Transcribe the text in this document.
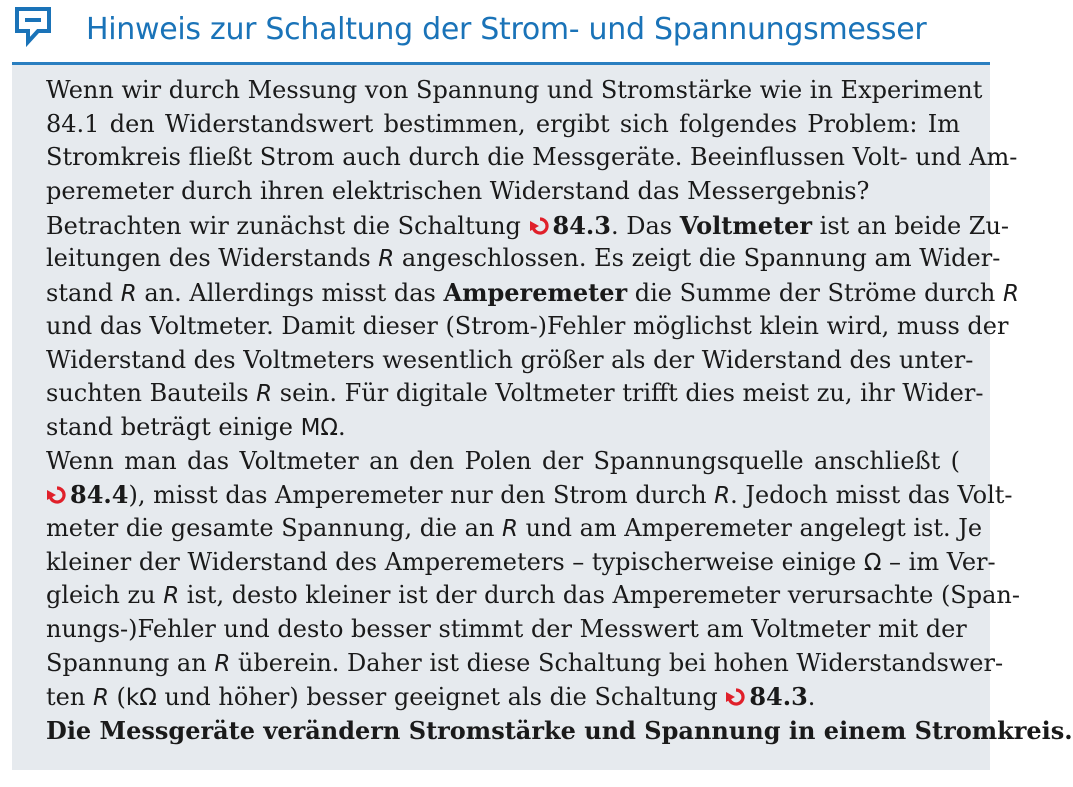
Hinweis zur Schaltung der Strom- und Spannungsmesser
Wenn wir durch Messung von Spannung und Stromstärke wie in Experiment
84.1 den Widerstandswert bestimmen, ergibt sich folgendes Problem: Im
Stromkreis fließt Strom auch durch die Messgeräte. Beeinflussen Volt- und Am-
peremeter durch ihren elektrischen Widerstand das Messergebnis?
Betrachten wir zunächst die Schaltung 84.3. Das Voltmeter ist an beide Zu-
leitungen des Widerstands R angeschlossen. Es zeigt die Spannung am Wider-
stand R an. Allerdings misst das Amperemeter die Summe der Ströme durch R
und das Voltmeter. Damit dieser (Strom-)Fehler möglichst klein wird, muss der
Widerstand des Voltmeters wesentlich größer als der Widerstand des unter-
suchten Bauteils R sein. Für digitale Voltmeter trifft dies meist zu, ihr Wider-
stand beträgt einige MΩ.
Wenn man das Voltmeter an den Polen der Spannungsquelle anschließt (
84.4), misst das Amperemeter nur den Strom durch R. Jedoch misst das Volt-
meter die gesamte Spannung, die an R und am Amperemeter angelegt ist. Je
kleiner der Widerstand des Amperemeters – typischerweise einige Ω – im Ver-
gleich zu R ist, desto kleiner ist der durch das Amperemeter verursachte (Span-
nungs-)Fehler und desto besser stimmt der Messwert am Voltmeter mit der
Spannung an R überein. Daher ist diese Schaltung bei hohen Widerstandswer-
ten R (kΩ und höher) besser geeignet als die Schaltung 84.3.
Die Messgeräte verändern Stromstärke und Spannung in einem Stromkreis.
